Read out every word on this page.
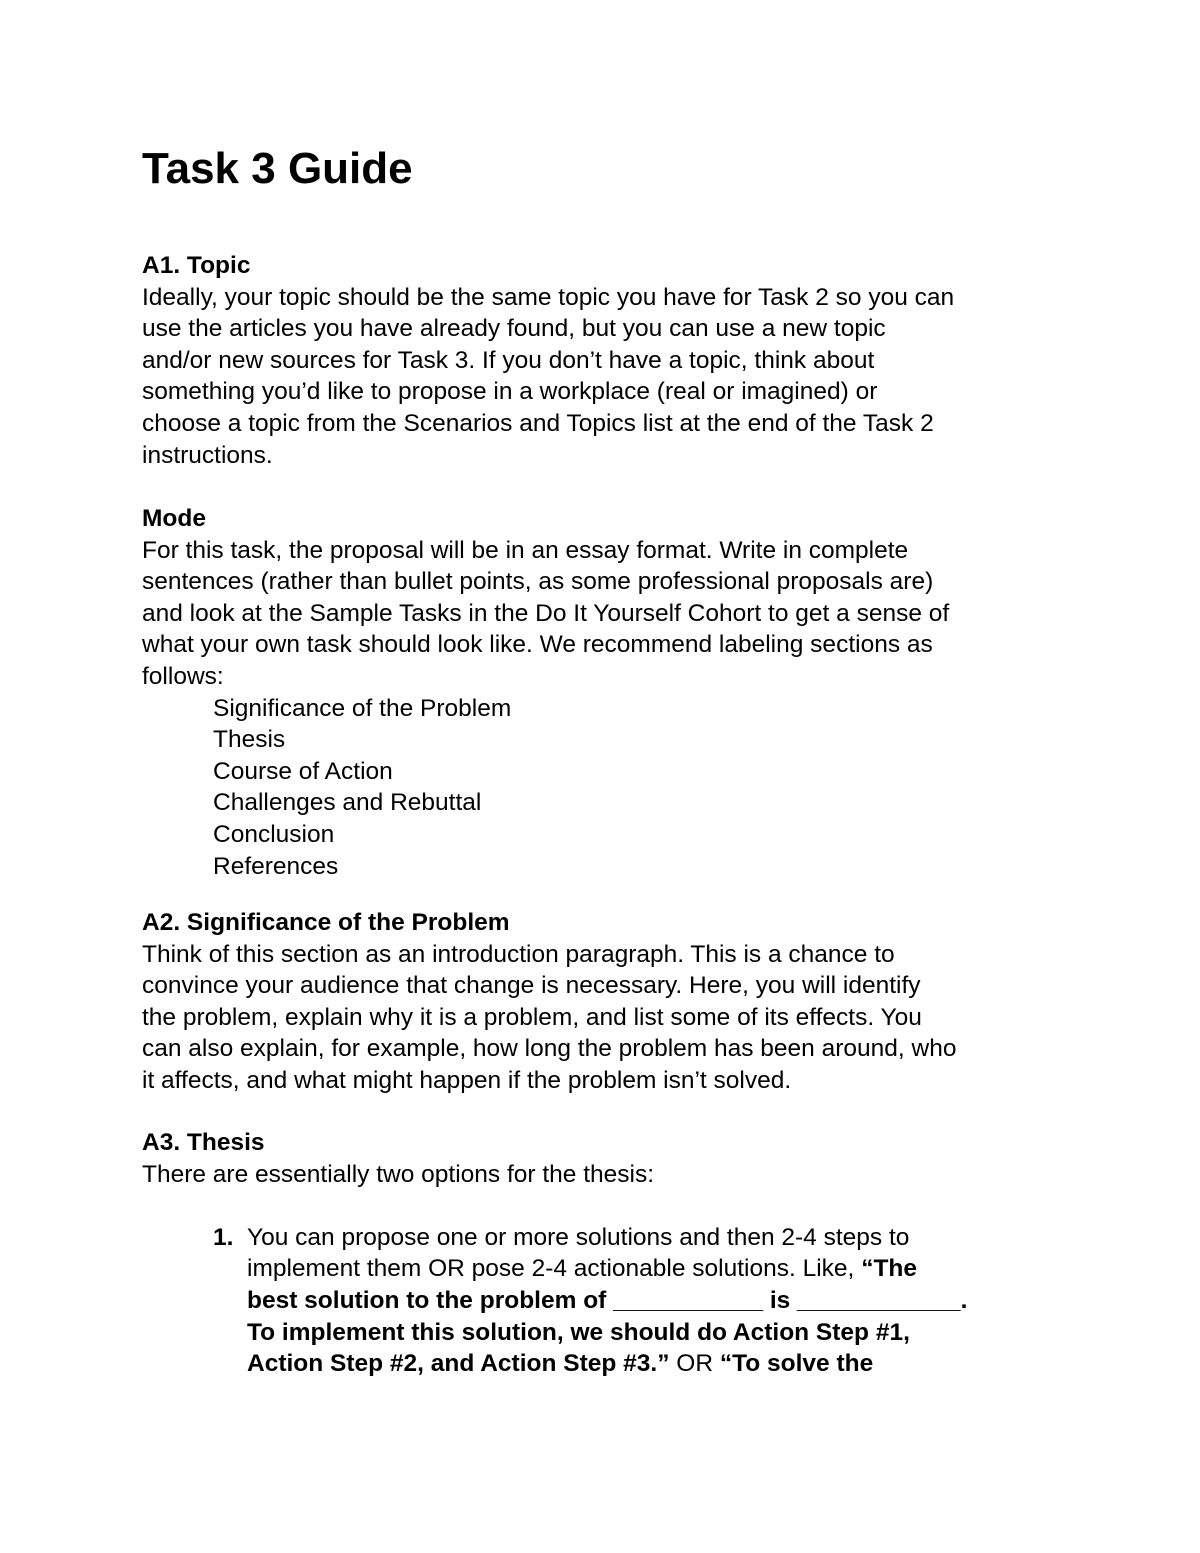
Task 3 Guide
A1. Topic
Ideally, your topic should be the same topic you have for Task 2 so you can
use the articles you have already found, but you can use a new topic
and/or new sources for Task 3. If you don’t have a topic, think about
something you’d like to propose in a workplace (real or imagined) or
choose a topic from the Scenarios and Topics list at the end of the Task 2
instructions.
Mode
For this task, the proposal will be in an essay format. Write in complete
sentences (rather than bullet points, as some professional proposals are)
and look at the Sample Tasks in the Do It Yourself Cohort to get a sense of
what your own task should look like. We recommend labeling sections as
follows:
Significance of the Problem
Thesis
Course of Action
Challenges and Rebuttal
Conclusion
References
A2. Significance of the Problem
Think of this section as an introduction paragraph. This is a chance to
convince your audience that change is necessary. Here, you will identify
the problem, explain why it is a problem, and list some of its effects. You
can also explain, for example, how long the problem has been around, who
it affects, and what might happen if the problem isn’t solved.
A3. Thesis
There are essentially two options for the thesis:
1. You can propose one or more solutions and then 2-4 steps to
implement them OR pose 2-4 actionable solutions. Like, “The
best solution to the problem of ___________ is ____________.
To implement this solution, we should do Action Step #1,
Action Step #2, and Action Step #3.” OR “To solve the
